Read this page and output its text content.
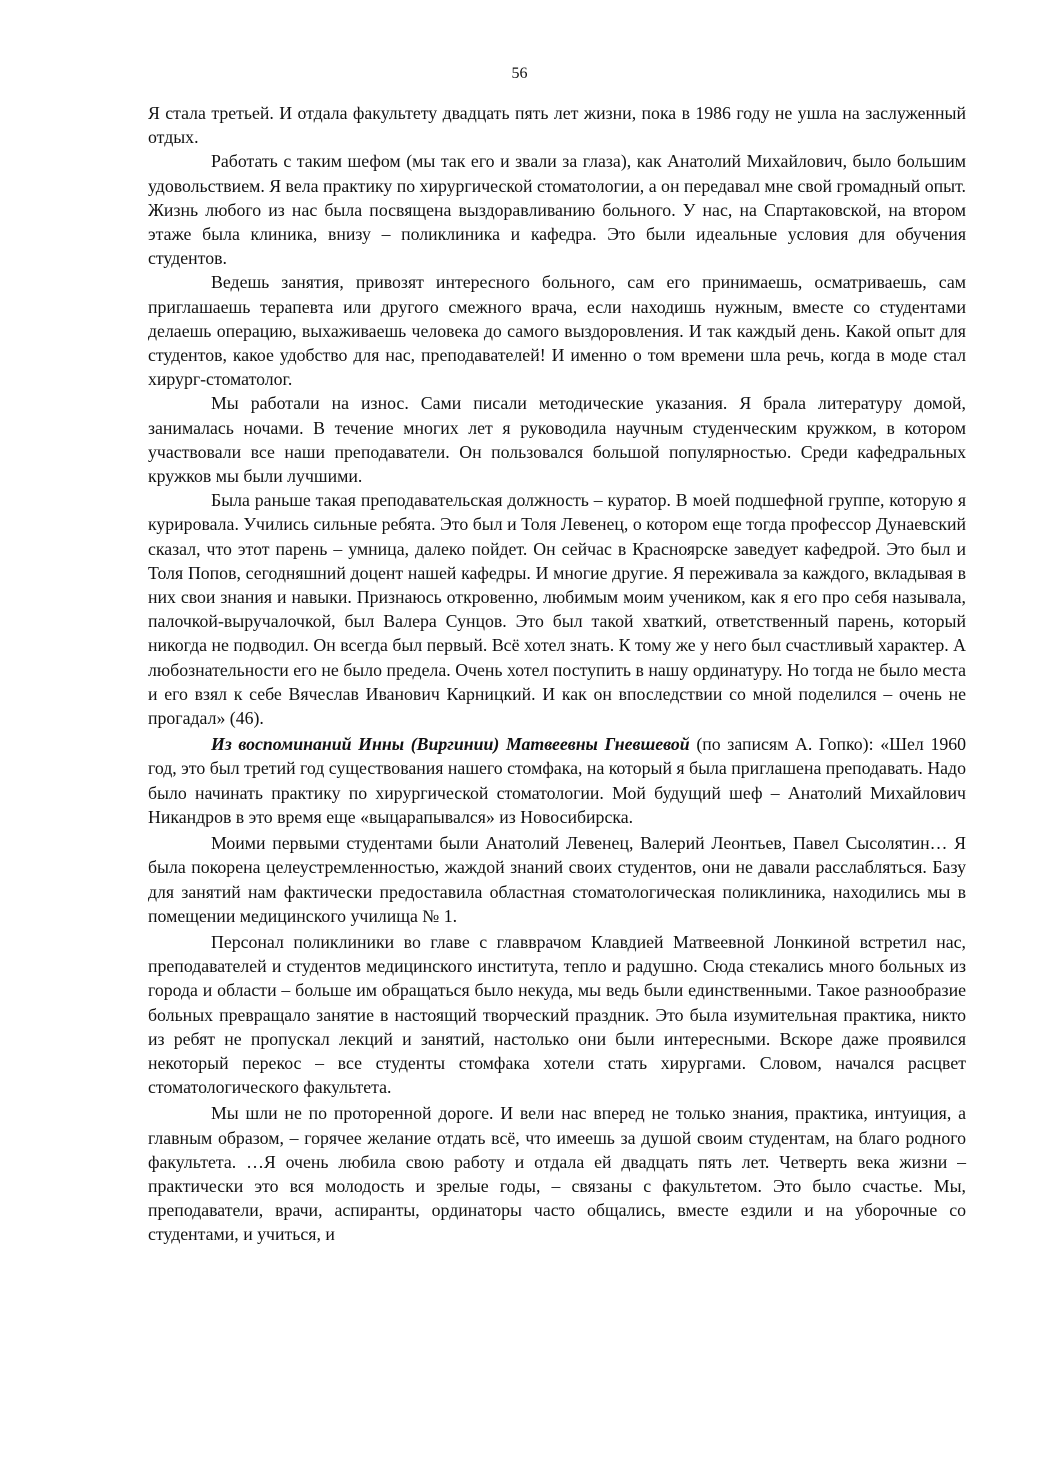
56

Я стала третьей. И отдала факультету двадцать пять лет жизни, пока в 1986 году не ушла на заслуженный отдых.

Работать с таким шефом (мы так его и звали за глаза), как Анатолий Михайлович, было большим удовольствием. Я вела практику по хирургической стоматологии, а он передавал мне свой громадный опыт. Жизнь любого из нас была посвящена выздоравливанию больного. У нас, на Спартаковской, на втором этаже была клиника, внизу – поликлиника и кафедра. Это были идеальные условия для обучения студентов.

Ведешь занятия, привозят интересного больного, сам его принимаешь, осматриваешь, сам приглашаешь терапевта или другого смежного врача, если находишь нужным, вместе со студентами делаешь операцию, выхаживаешь человека до самого выздоровления. И так каждый день. Какой опыт для студентов, какое удобство для нас, преподавателей! И именно о том времени шла речь, когда в моде стал хирург-стоматолог.

Мы работали на износ. Сами писали методические указания. Я брала литературу домой, занималась ночами. В течение многих лет я руководила научным студенческим кружком, в котором участвовали все наши преподаватели. Он пользовался большой популярностью. Среди кафедральных кружков мы были лучшими.

Была раньше такая преподавательская должность – куратор. В моей подшефной группе, которую я курировала. Учились сильные ребята. Это был и Толя Левенец, о котором еще тогда профессор Дунаевский сказал, что этот парень – умница, далеко пойдет. Он сейчас в Красноярске заведует кафедрой. Это был и Толя Попов, сегодняшний доцент нашей кафедры. И многие другие. Я переживала за каждого, вкладывая в них свои знания и навыки. Признаюсь откровенно, любимым моим учеником, как я его про себя называла, палочкой-выручалочкой, был Валера Сунцов. Это был такой хваткий, ответственный парень, который никогда не подводил. Он всегда был первый. Всё хотел знать. К тому же у него был счастливый характер. А любознательности его не было предела. Очень хотел поступить в нашу ординатуру. Но тогда не было места и его взял к себе Вячеслав Иванович Карницкий. И как он впоследствии со мной поделился – очень не прогадал» (46).

Из воспоминаний Инны (Виргинии) Матвеевны Гневшевой (по записям А. Гопко): «Шел 1960 год, это был третий год существования нашего стомфака, на который я была приглашена преподавать. Надо было начинать практику по хирургической стоматологии. Мой будущий шеф – Анатолий Михайлович Никандров в это время еще «выцарапывался» из Новосибирска.

Моими первыми студентами были Анатолий Левенец, Валерий Леонтьев, Павел Сысолятин… Я была покорена целеустремленностью, жаждой знаний своих студентов, они не давали расслабляться. Базу для занятий нам фактически предоставила областная стоматологическая поликлиника, находились мы в помещении медицинского училища № 1.

Персонал поликлиники во главе с главврачом Клавдией Матвеевной Лонкиной встретил нас, преподавателей и студентов медицинского института, тепло и радушно. Сюда стекались много больных из города и области – больше им обращаться было некуда, мы ведь были единственными. Такое разнообразие больных превращало занятие в настоящий творческий праздник. Это была изумительная практика, никто из ребят не пропускал лекций и занятий, настолько они были интересными. Вскоре даже проявился некоторый перекос – все студенты стомфака хотели стать хирургами. Словом, начался расцвет стоматологического факультета.

Мы шли не по проторенной дороге. И вели нас вперед не только знания, практика, интуиция, а главным образом, – горячее желание отдать всё, что имеешь за душой своим студентам, на благо родного факультета. …Я очень любила свою работу и отдала ей двадцать пять лет. Четверть века жизни – практически это вся молодость и зрелые годы, – связаны с факультетом. Это было счастье. Мы, преподаватели, врачи, аспиранты, ординаторы часто общались, вместе ездили и на уборочные со студентами, и учиться, и
